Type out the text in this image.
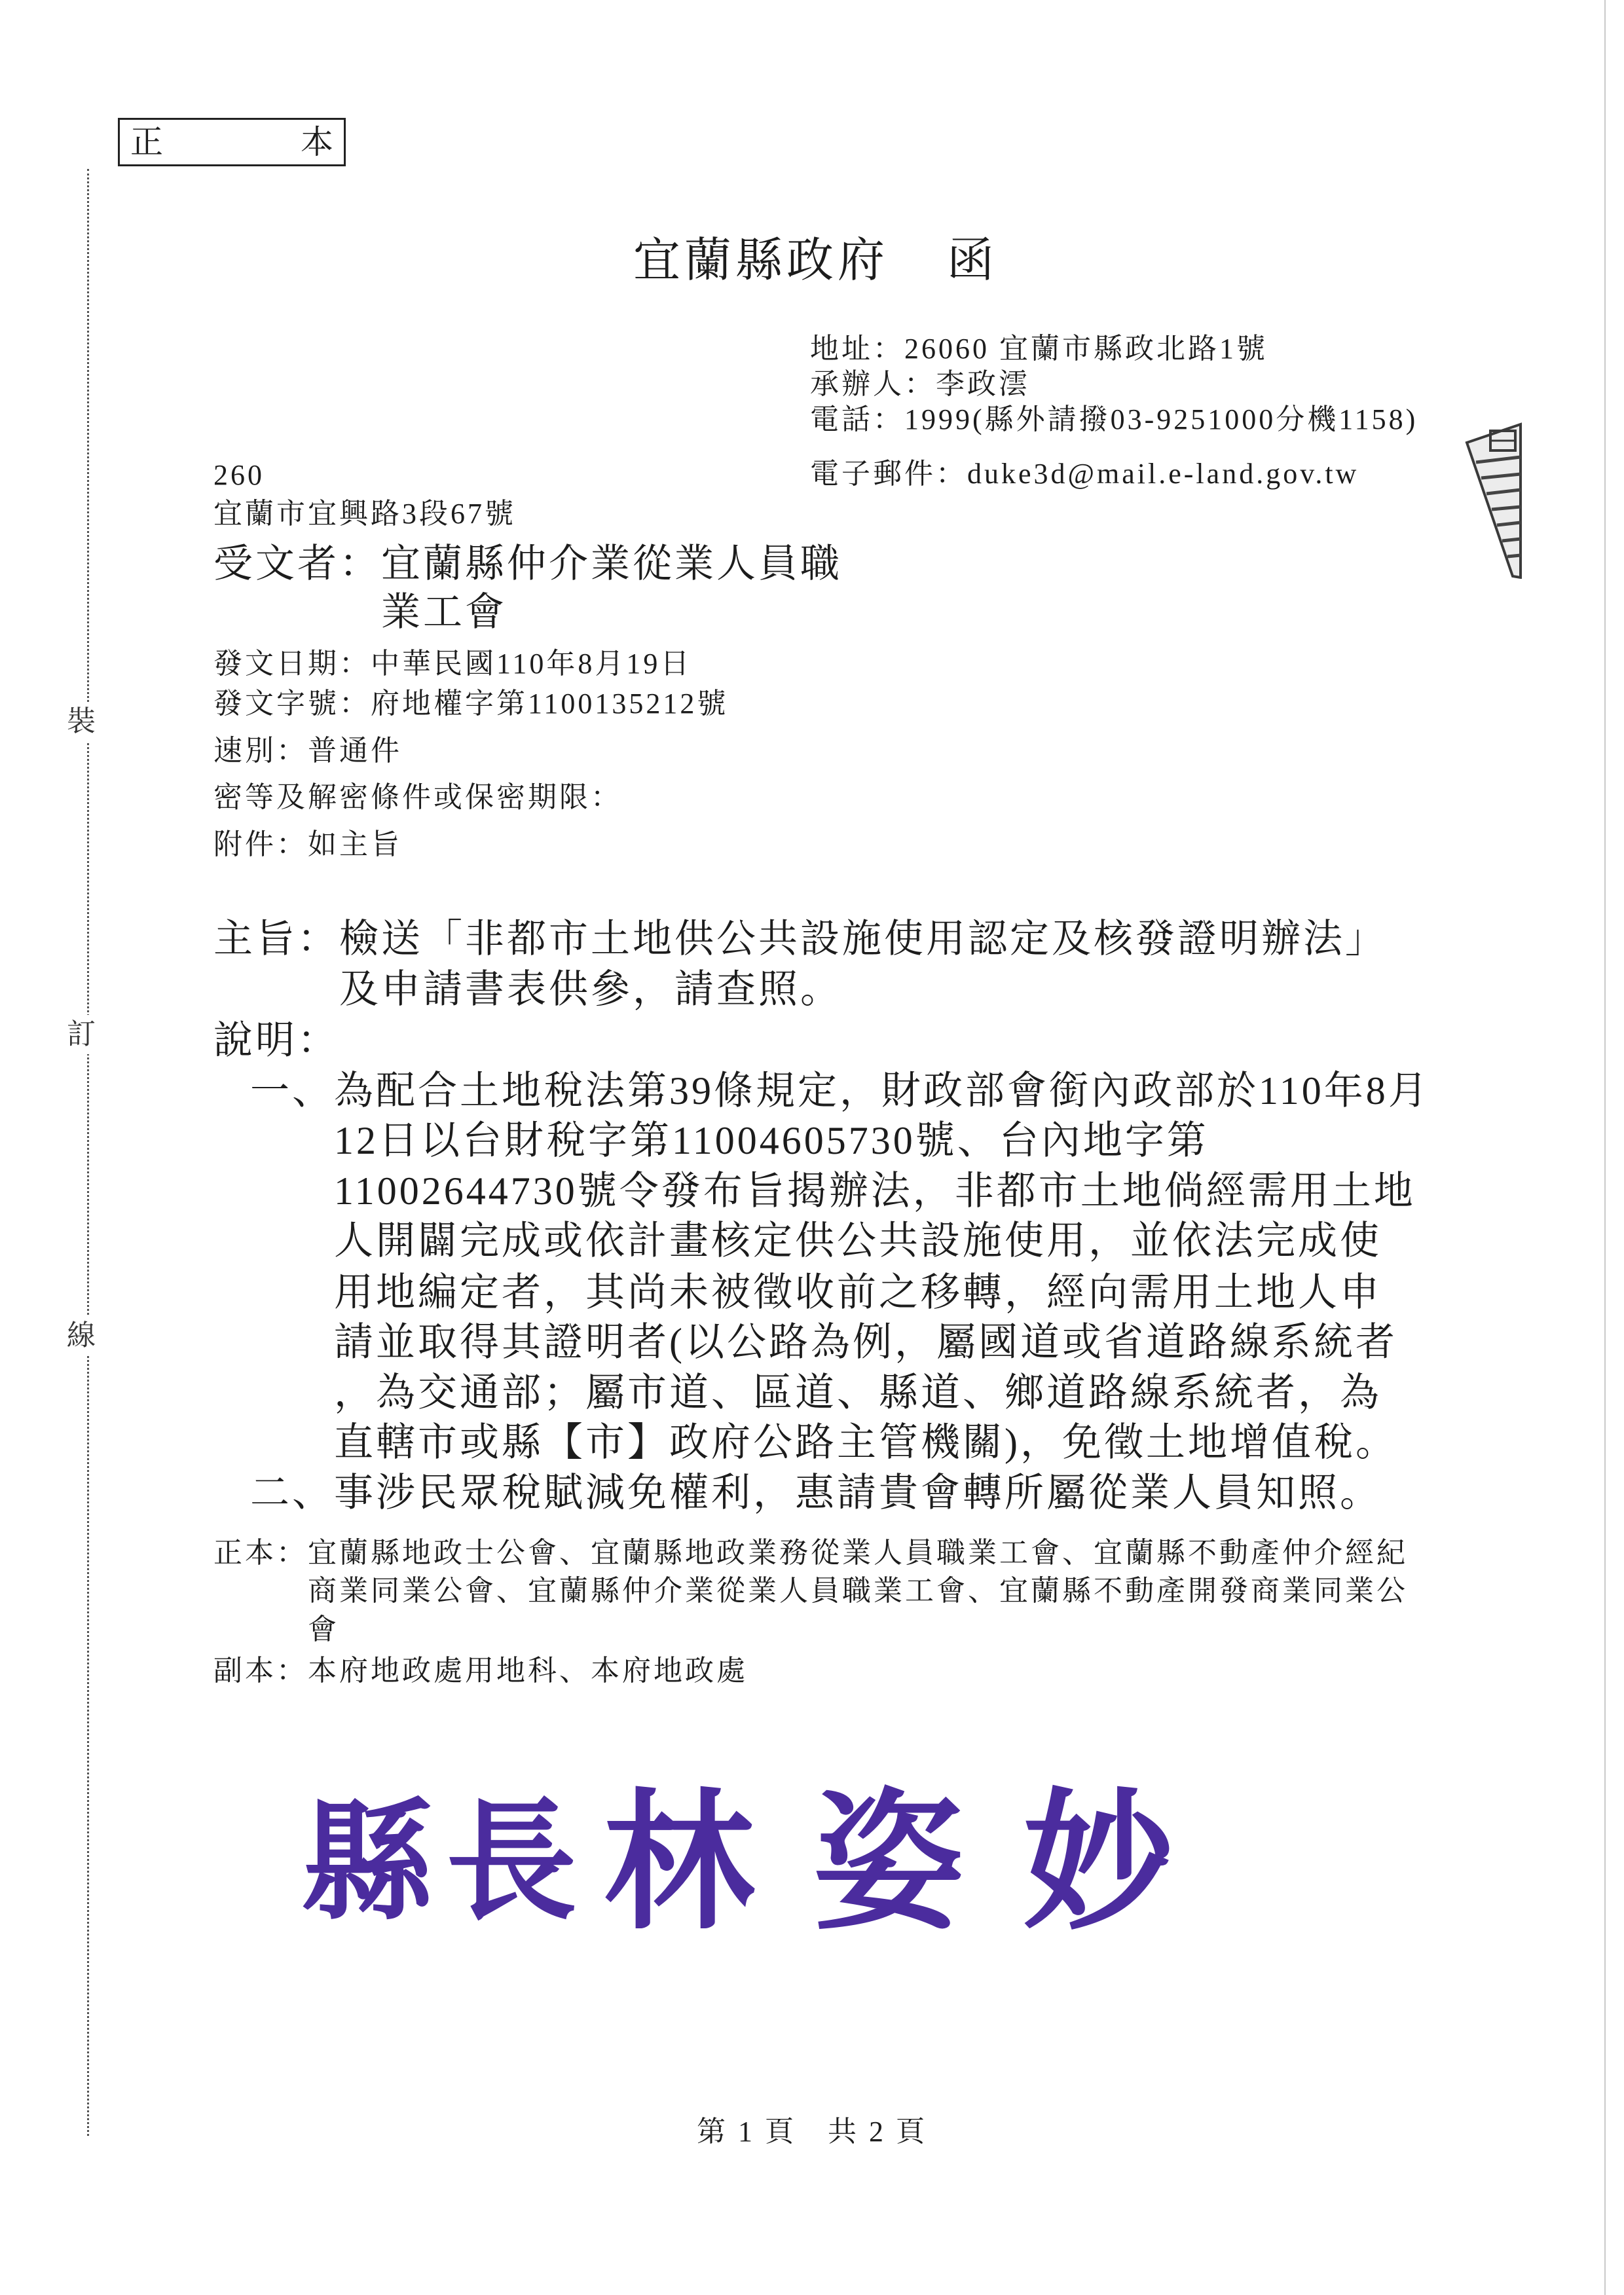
正	本
裝
訂
線
宜蘭縣政府 函
地址：26060 宜蘭市縣政北路1號
承辦人：李政澐
電話：1999(縣外請撥03-9251000分機1158)
電子郵件：duke3d@mail.e-land.gov.tw
260
宜蘭市宜興路3段67號
受文者：宜蘭縣仲介業從業人員職
業工會
發文日期：中華民國110年8月19日
發文字號：府地權字第1100135212號
速別：普通件
密等及解密條件或保密期限：
附件：如主旨
主旨：檢送「非都市土地供公共設施使用認定及核發證明辦法」
及申請書表供參，請查照。
說明：
一、為配合土地稅法第39條規定，財政部會銜內政部於110年8月
12日以台財稅字第11004605730號、台內地字第
11002644730號令發布旨揭辦法，非都市土地倘經需用土地
人開闢完成或依計畫核定供公共設施使用，並依法完成使
用地編定者，其尚未被徵收前之移轉，經向需用土地人申
請並取得其證明者(以公路為例，屬國道或省道路線系統者
，為交通部；屬市道、區道、縣道、鄉道路線系統者，為
直轄市或縣【市】政府公路主管機關)，免徵土地增值稅。
二、事涉民眾稅賦減免權利，惠請貴會轉所屬從業人員知照。
正本：宜蘭縣地政士公會、宜蘭縣地政業務從業人員職業工會、宜蘭縣不動產仲介經紀
商業同業公會、宜蘭縣仲介業從業人員職業工會、宜蘭縣不動產開發商業同業公
會
副本：本府地政處用地科、本府地政處
縣長 林姿妙
第 1 頁　共 2 頁
